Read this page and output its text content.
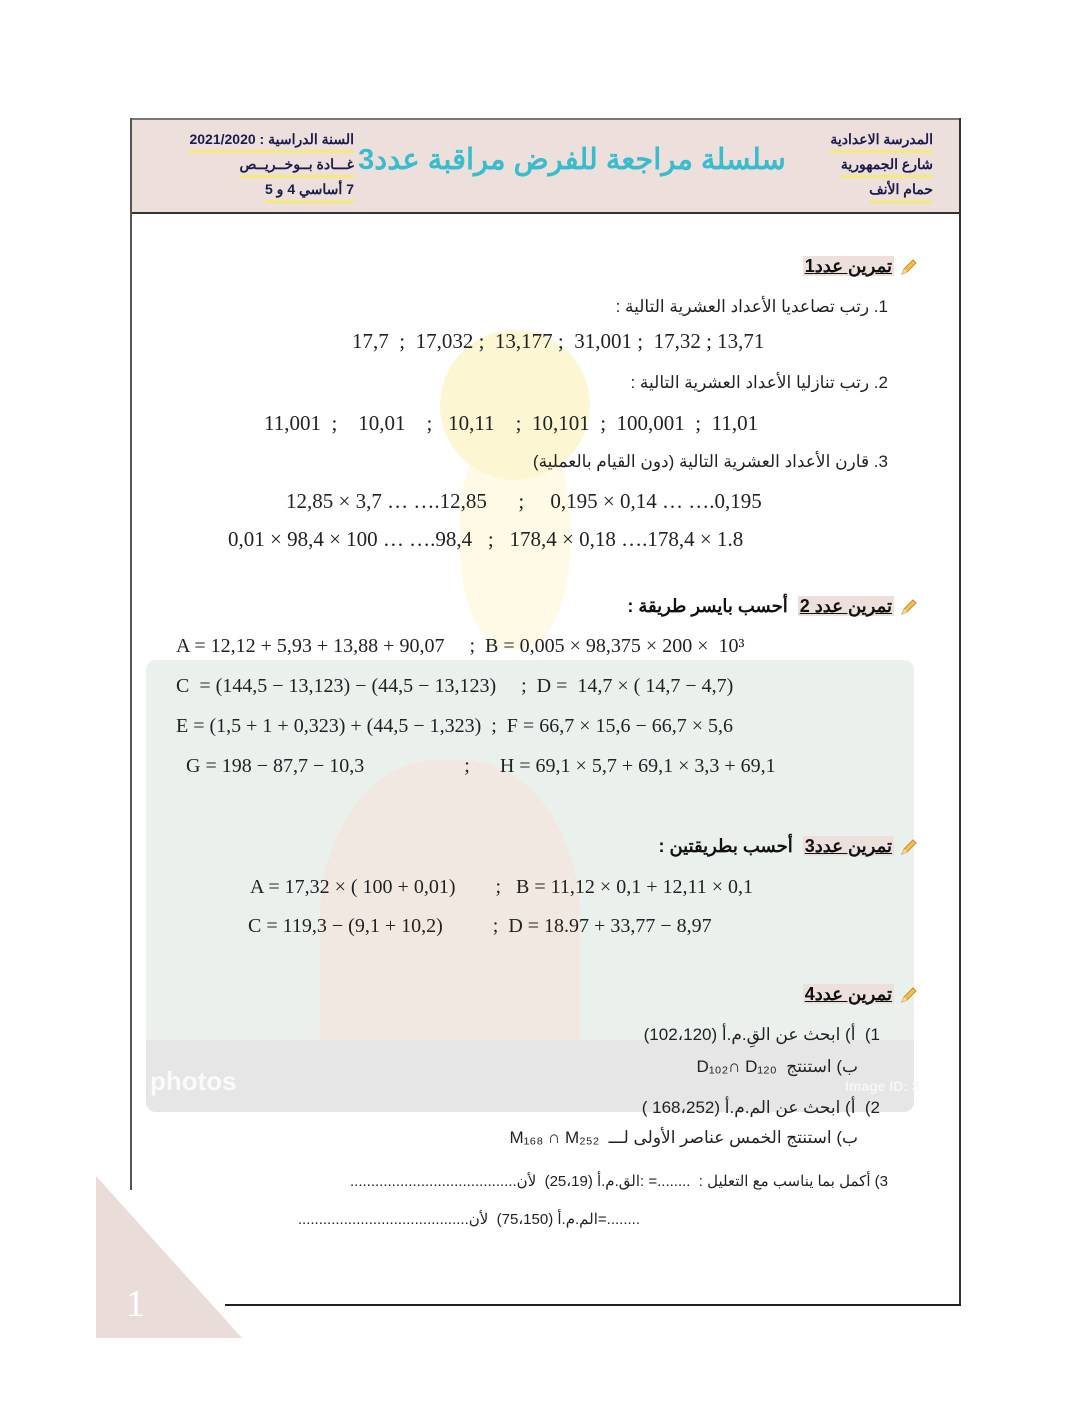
المدرسة الاعدادية
شارع الجمهورية
حمام الأنف
سلسلة مراجعة للفرض مراقبة عدد3
السنة الدراسية : 2021/2020
غـــادة بــوخــريــص
7 أساسي 4 و 5
photos	Image ID: 3
تمرين عدد1
1. رتب تصاعديا الأعداد العشرية التالية :
17,7  ;  17,032 ;  13,177 ;  31,001 ;  17,32 ; 13,71
2. رتب تنازليا الأعداد العشرية التالية :
11,001  ;    10,01    ;   10,11    ;  10,101  ;  100,001  ;  11,01
3. قارن الأعداد العشرية التالية (دون القيام بالعملية)
12,85 × 3,7 … ….12,85      ;     0,195 × 0,14 … ….0,195
0,01 × 98,4 × 100 … ….98,4   ;   178,4 × 0,18 ….178,4 × 1.8
تمرين عدد 2  أحسب بايسر طريقة :
A = 12,12 + 5,93 + 13,88 + 90,07     ;  B = 0,005 × 98,375 × 200 ×  10³
C  = (144,5 − 13,123) − (44,5 − 13,123)     ;  D =  14,7 × ( 14,7 − 4,7)
E = (1,5 + 1 + 0,323) + (44,5 − 1,323)  ;  F = 66,7 × 15,6 − 66,7 × 5,6
G = 198 − 87,7 − 10,3                    ;      H = 69,1 × 5,7 + 69,1 × 3,3 + 69,1
تمرين عدد3  أحسب بطريقتين :
A = 17,32 × ( 100 + 0,01)        ;   B = 11,12 × 0,1 + 12,11 × 0,1
C = 119,3 − (9,1 + 10,2)          ;  D = 18.97 + 33,77 − 8,97
تمرين عدد4
1)  أ) ابحث عن القِ.م.أ (102،120)
ب) استنتج  D₁₀₂∩ D₁₂₀
2)  أ) ابحث عن الم.م.أ (168،252 )
ب) استنتج الخمس عناصر الأولى لـــ  M₁₆₈ ∩ M₂₅₂
3) أكمل بما يناسب مع التعليل :  ........= :الق.م.أ (25،19)  لأن........................................
........=الم.م.أ (75،150)  لأن.........................................
1
